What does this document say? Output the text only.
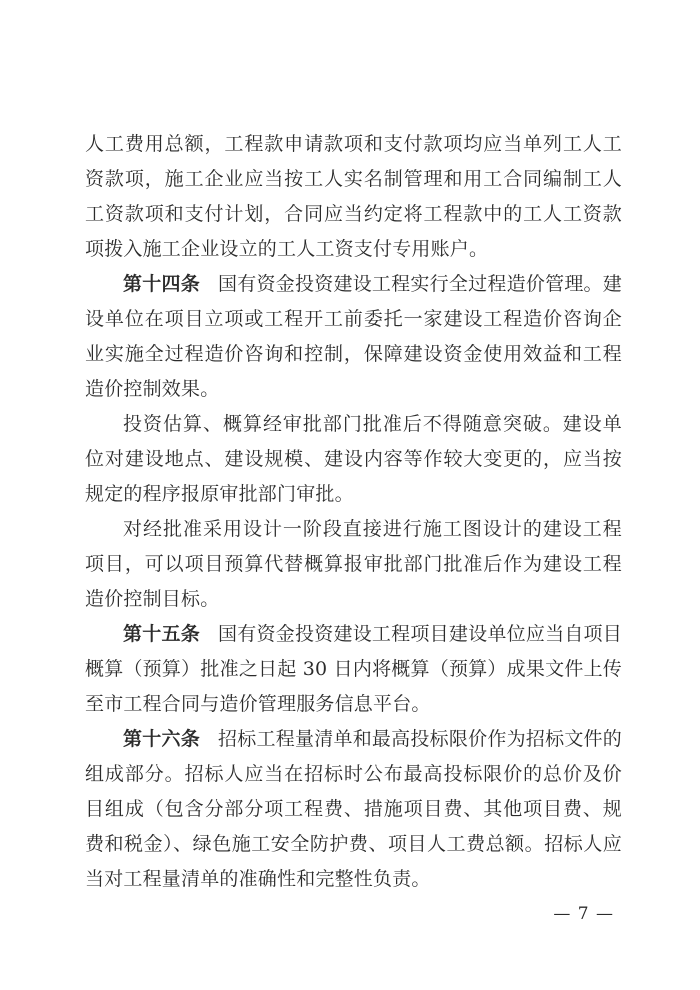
人工费用总额，工程款申请款项和支付款项均应当单列工人工资款项，施工企业应当按工人实名制管理和用工合同编制工人工资款项和支付计划，合同应当约定将工程款中的工人工资款项拨入施工企业设立的工人工资支付专用账户。

第十四条 国有资金投资建设工程实行全过程造价管理。建设单位在项目立项或工程开工前委托一家建设工程造价咨询企业实施全过程造价咨询和控制，保障建设资金使用效益和工程造价控制效果。

投资估算、概算经审批部门批准后不得随意突破。建设单位对建设地点、建设规模、建设内容等作较大变更的，应当按规定的程序报原审批部门审批。

对经批准采用设计一阶段直接进行施工图设计的建设工程项目，可以项目预算代替概算报审批部门批准后作为建设工程造价控制目标。

第十五条 国有资金投资建设工程项目建设单位应当自项目概算（预算）批准之日起 30 日内将概算（预算）成果文件上传至市工程合同与造价管理服务信息平台。

第十六条 招标工程量清单和最高投标限价作为招标文件的组成部分。招标人应当在招标时公布最高投标限价的总价及价目组成（包含分部分项工程费、措施项目费、其他项目费、规费和税金）、绿色施工安全防护费、项目人工费总额。招标人应当对工程量清单的准确性和完整性负责。

— 7 —
